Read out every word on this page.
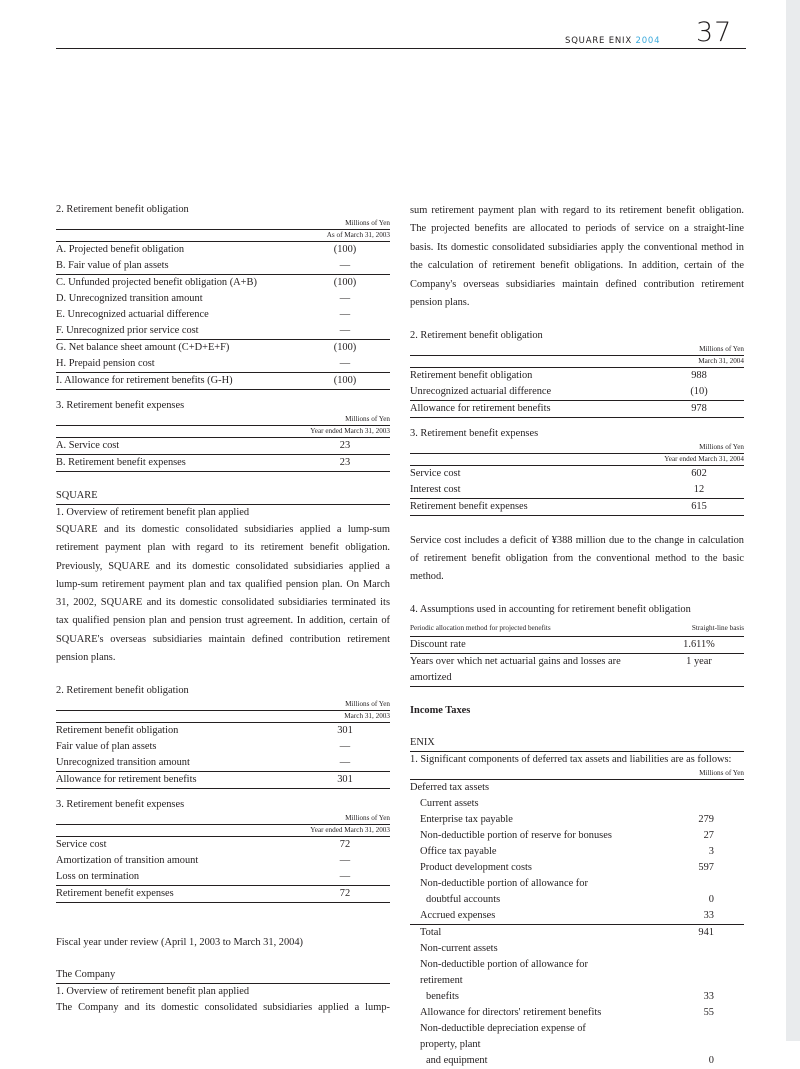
SQUARE ENIX 2004 37

2. Retirement benefit obligation

Millions of Yen
As of March 31, 2003
A. Projected benefit obligation	(100)
B. Fair value of plan assets	—
C. Unfunded projected benefit obligation (A+B)	(100)
D. Unrecognized transition amount	—
E. Unrecognized actuarial difference	—
F. Unrecognized prior service cost	—
G. Net balance sheet amount (C+D+E+F)	(100)
H. Prepaid pension cost	—
I. Allowance for retirement benefits (G-H)	(100)

3. Retirement benefit expenses

Millions of Yen
Year ended March 31, 2003
A. Service cost	23
B. Retirement benefit expenses	23

SQUARE

1. Overview of retirement benefit plan applied

SQUARE and its domestic consolidated subsidiaries applied a lump-sum retirement payment plan with regard to its retirement benefit obligation. Previously, SQUARE and its domestic consolidated subsidiaries applied a lump-sum retirement payment plan and tax qualified pension plan. On March 31, 2002, SQUARE and its domestic consolidated subsidiaries terminated its tax qualified pension plan and pension trust agreement. In addition, certain of SQUARE's overseas subsidiaries maintain defined contribution retirement pension plans.

2. Retirement benefit obligation

Millions of Yen
March 31, 2003
Retirement benefit obligation	301
Fair value of plan assets	—
Unrecognized transition amount	—
Allowance for retirement benefits	301

3. Retirement benefit expenses

Millions of Yen
Year ended March 31, 2003
Service cost	72
Amortization of transition amount	—
Loss on termination	—
Retirement benefit expenses	72

Fiscal year under review (April 1, 2003 to March 31, 2004)

The Company

1. Overview of retirement benefit plan applied

The Company and its domestic consolidated subsidiaries applied a lump-

sum retirement payment plan with regard to its retirement benefit obligation. The projected benefits are allocated to periods of service on a straight-line basis. Its domestic consolidated subsidiaries apply the conventional method in the calculation of retirement benefit obligations. In addition, certain of the Company's overseas subsidiaries maintain defined contribution retirement pension plans.

2. Retirement benefit obligation

Millions of Yen
March 31, 2004
Retirement benefit obligation	988
Unrecognized actuarial difference	(10)
Allowance for retirement benefits	978

3. Retirement benefit expenses

Millions of Yen
Year ended March 31, 2004
Service cost	602
Interest cost	12
Retirement benefit expenses	615

Service cost includes a deficit of ¥388 million due to the change in calculation of retirement benefit obligation from the conventional method to the basic method.

4. Assumptions used in accounting for retirement benefit obligation

Periodic allocation method for projected benefits	Straight-line basis
Discount rate	1.611%
Years over which net actuarial gains and losses are amortized	1 year

Income Taxes

ENIX

1. Significant components of deferred tax assets and liabilities are as follows:

Millions of Yen
Deferred tax assets	
Current assets	
Enterprise tax payable	279
Non-deductible portion of reserve for bonuses	27
Office tax payable	3
Product development costs	597
Non-deductible portion of allowance for	
doubtful accounts	0
Accrued expenses	33
Total	941
Non-current assets	
Non-deductible portion of allowance for retirement	
benefits	33
Allowance for directors' retirement benefits	55
Non-deductible depreciation expense of property, plant	
and equipment	0
